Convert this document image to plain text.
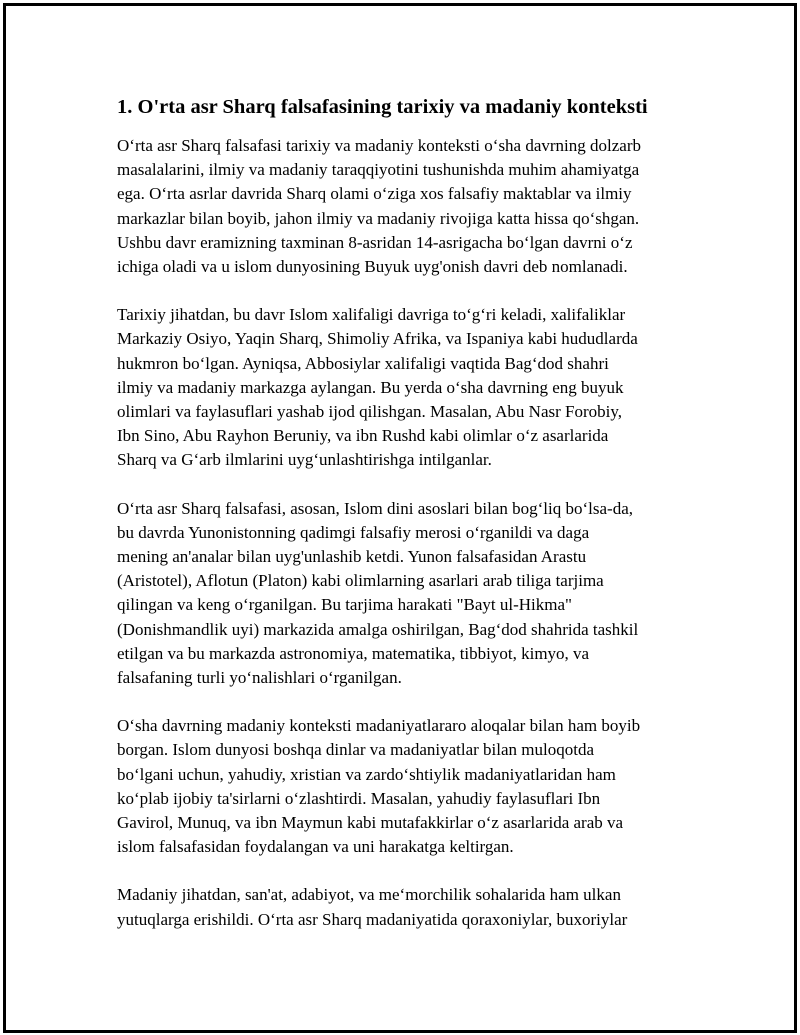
1. O'rta asr Sharq falsafasining tarixiy va madaniy konteksti

O‘rta asr Sharq falsafasi tarixiy va madaniy konteksti o‘sha davrning dolzarb
masalalarini, ilmiy va madaniy taraqqiyotini tushunishda muhim ahamiyatga
ega. O‘rta asrlar davrida Sharq olami o‘ziga xos falsafiy maktablar va ilmiy
markazlar bilan boyib, jahon ilmiy va madaniy rivojiga katta hissa qo‘shgan.
Ushbu davr eramizning taxminan 8-asridan 14-asrigacha bo‘lgan davrni o‘z
ichiga oladi va u islom dunyosining Buyuk uyg'onish davri deb nomlanadi.

Tarixiy jihatdan, bu davr Islom xalifaligi davriga to‘g‘ri keladi, xalifaliklar
Markaziy Osiyo, Yaqin Sharq, Shimoliy Afrika, va Ispaniya kabi hududlarda
hukmron bo‘lgan. Ayniqsa, Abbosiylar xalifaligi vaqtida Bag‘dod shahri
ilmiy va madaniy markazga aylangan. Bu yerda o‘sha davrning eng buyuk
olimlari va faylasuflari yashab ijod qilishgan. Masalan, Abu Nasr Forobiy,
Ibn Sino, Abu Rayhon Beruniy, va ibn Rushd kabi olimlar o‘z asarlarida
Sharq va G‘arb ilmlarini uyg‘unlashtirishga intilganlar.

O‘rta asr Sharq falsafasi, asosan, Islom dini asoslari bilan bog‘liq bo‘lsa-da,
bu davrda Yunonistonning qadimgi falsafiy merosi o‘rganildi va daga
mening an'analar bilan uyg'unlashib ketdi. Yunon falsafasidan Arastu
(Aristotel), Aflotun (Platon) kabi olimlarning asarlari arab tiliga tarjima
qilingan va keng o‘rganilgan. Bu tarjima harakati "Bayt ul-Hikma"
(Donishmandlik uyi) markazida amalga oshirilgan, Bag‘dod shahrida tashkil
etilgan va bu markazda astronomiya, matematika, tibbiyot, kimyo, va
falsafaning turli yo‘nalishlari o‘rganilgan.

O‘sha davrning madaniy konteksti madaniyatlararo aloqalar bilan ham boyib
borgan. Islom dunyosi boshqa dinlar va madaniyatlar bilan muloqotda
bo‘lgani uchun, yahudiy, xristian va zardo‘shtiylik madaniyatlaridan ham
ko‘plab ijobiy ta'sirlarni o‘zlashtirdi. Masalan, yahudiy faylasuflari Ibn
Gavirol, Munuq, va ibn Maymun kabi mutafakkirlar o‘z asarlarida arab va
islom falsafasidan foydalangan va uni harakatga keltirgan.

Madaniy jihatdan, san'at, adabiyot, va me‘morchilik sohalarida ham ulkan
yutuqlarga erishildi. O‘rta asr Sharq madaniyatida qoraxoniylar, buxoriylar
